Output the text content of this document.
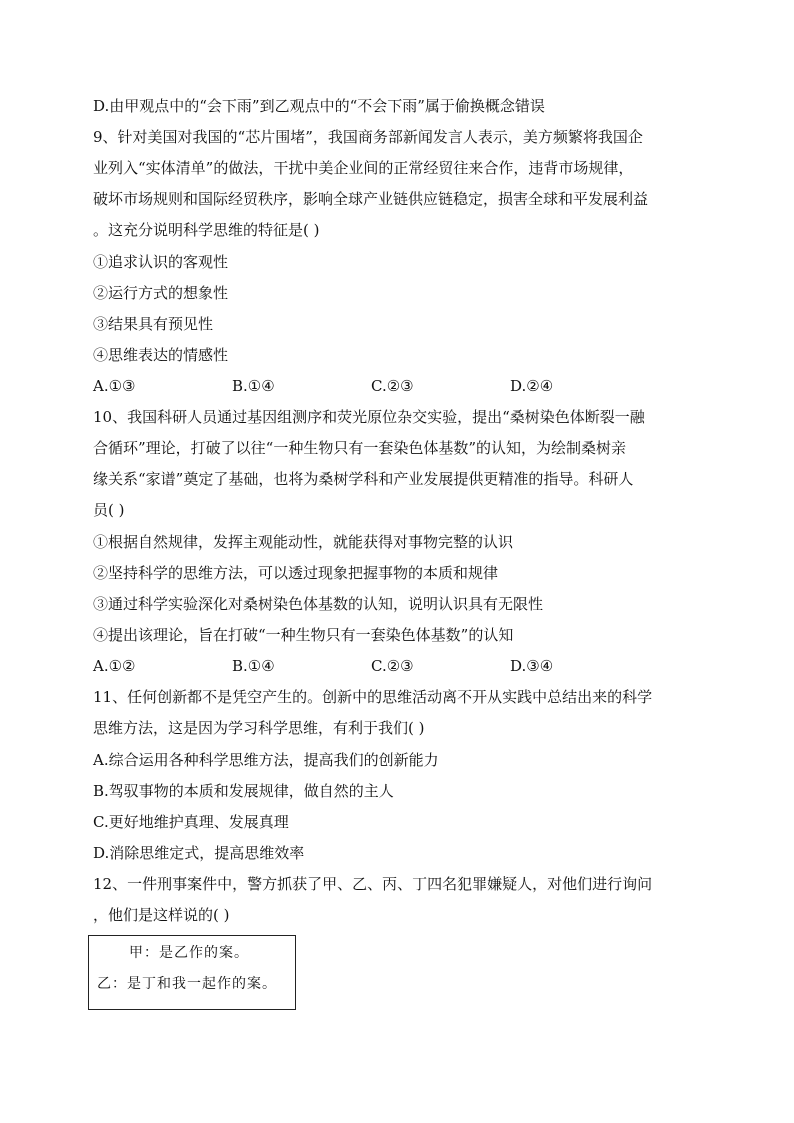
D.由甲观点中的“会下雨”到乙观点中的“不会下雨”属于偷换概念错误
9、针对美国对我国的“芯片围堵”，我国商务部新闻发言人表示，美方频繁将我国企
业列入“实体清单”的做法，干扰中美企业间的正常经贸往来合作，违背市场规律，
破坏市场规则和国际经贸秩序，影响全球产业链供应链稳定，损害全球和平发展利益
。这充分说明科学思维的特征是( )
①追求认识的客观性
②运行方式的想象性
③结果具有预见性
④思维表达的情感性
A.①③	B.①④	C.②③	D.②④
10、我国科研人员通过基因组测序和荧光原位杂交实验，提出“桑树染色体断裂一融
合循环”理论，打破了以往“一种生物只有一套染色体基数”的认知，为绘制桑树亲
缘关系“家谱”奠定了基础，也将为桑树学科和产业发展提供更精准的指导。科研人
员( )
①根据自然规律，发挥主观能动性，就能获得对事物完整的认识
②坚持科学的思维方法，可以透过现象把握事物的本质和规律
③通过科学实验深化对桑树染色体基数的认知，说明认识具有无限性
④提出该理论，旨在打破“一种生物只有一套染色体基数”的认知
A.①②	B.①④	C.②③	D.③④
11、任何创新都不是凭空产生的。创新中的思维活动离不开从实践中总结出来的科学
思维方法，这是因为学习科学思维，有利于我们( )
A.综合运用各种科学思维方法，提高我们的创新能力
B.驾驭事物的本质和发展规律，做自然的主人
C.更好地维护真理、发展真理
D.消除思维定式，提高思维效率
12、一件刑事案件中，警方抓获了甲、乙、丙、丁四名犯罪嫌疑人，对他们进行询问
，他们是这样说的( )
甲：是乙作的案。
乙：是丁和我一起作的案。
